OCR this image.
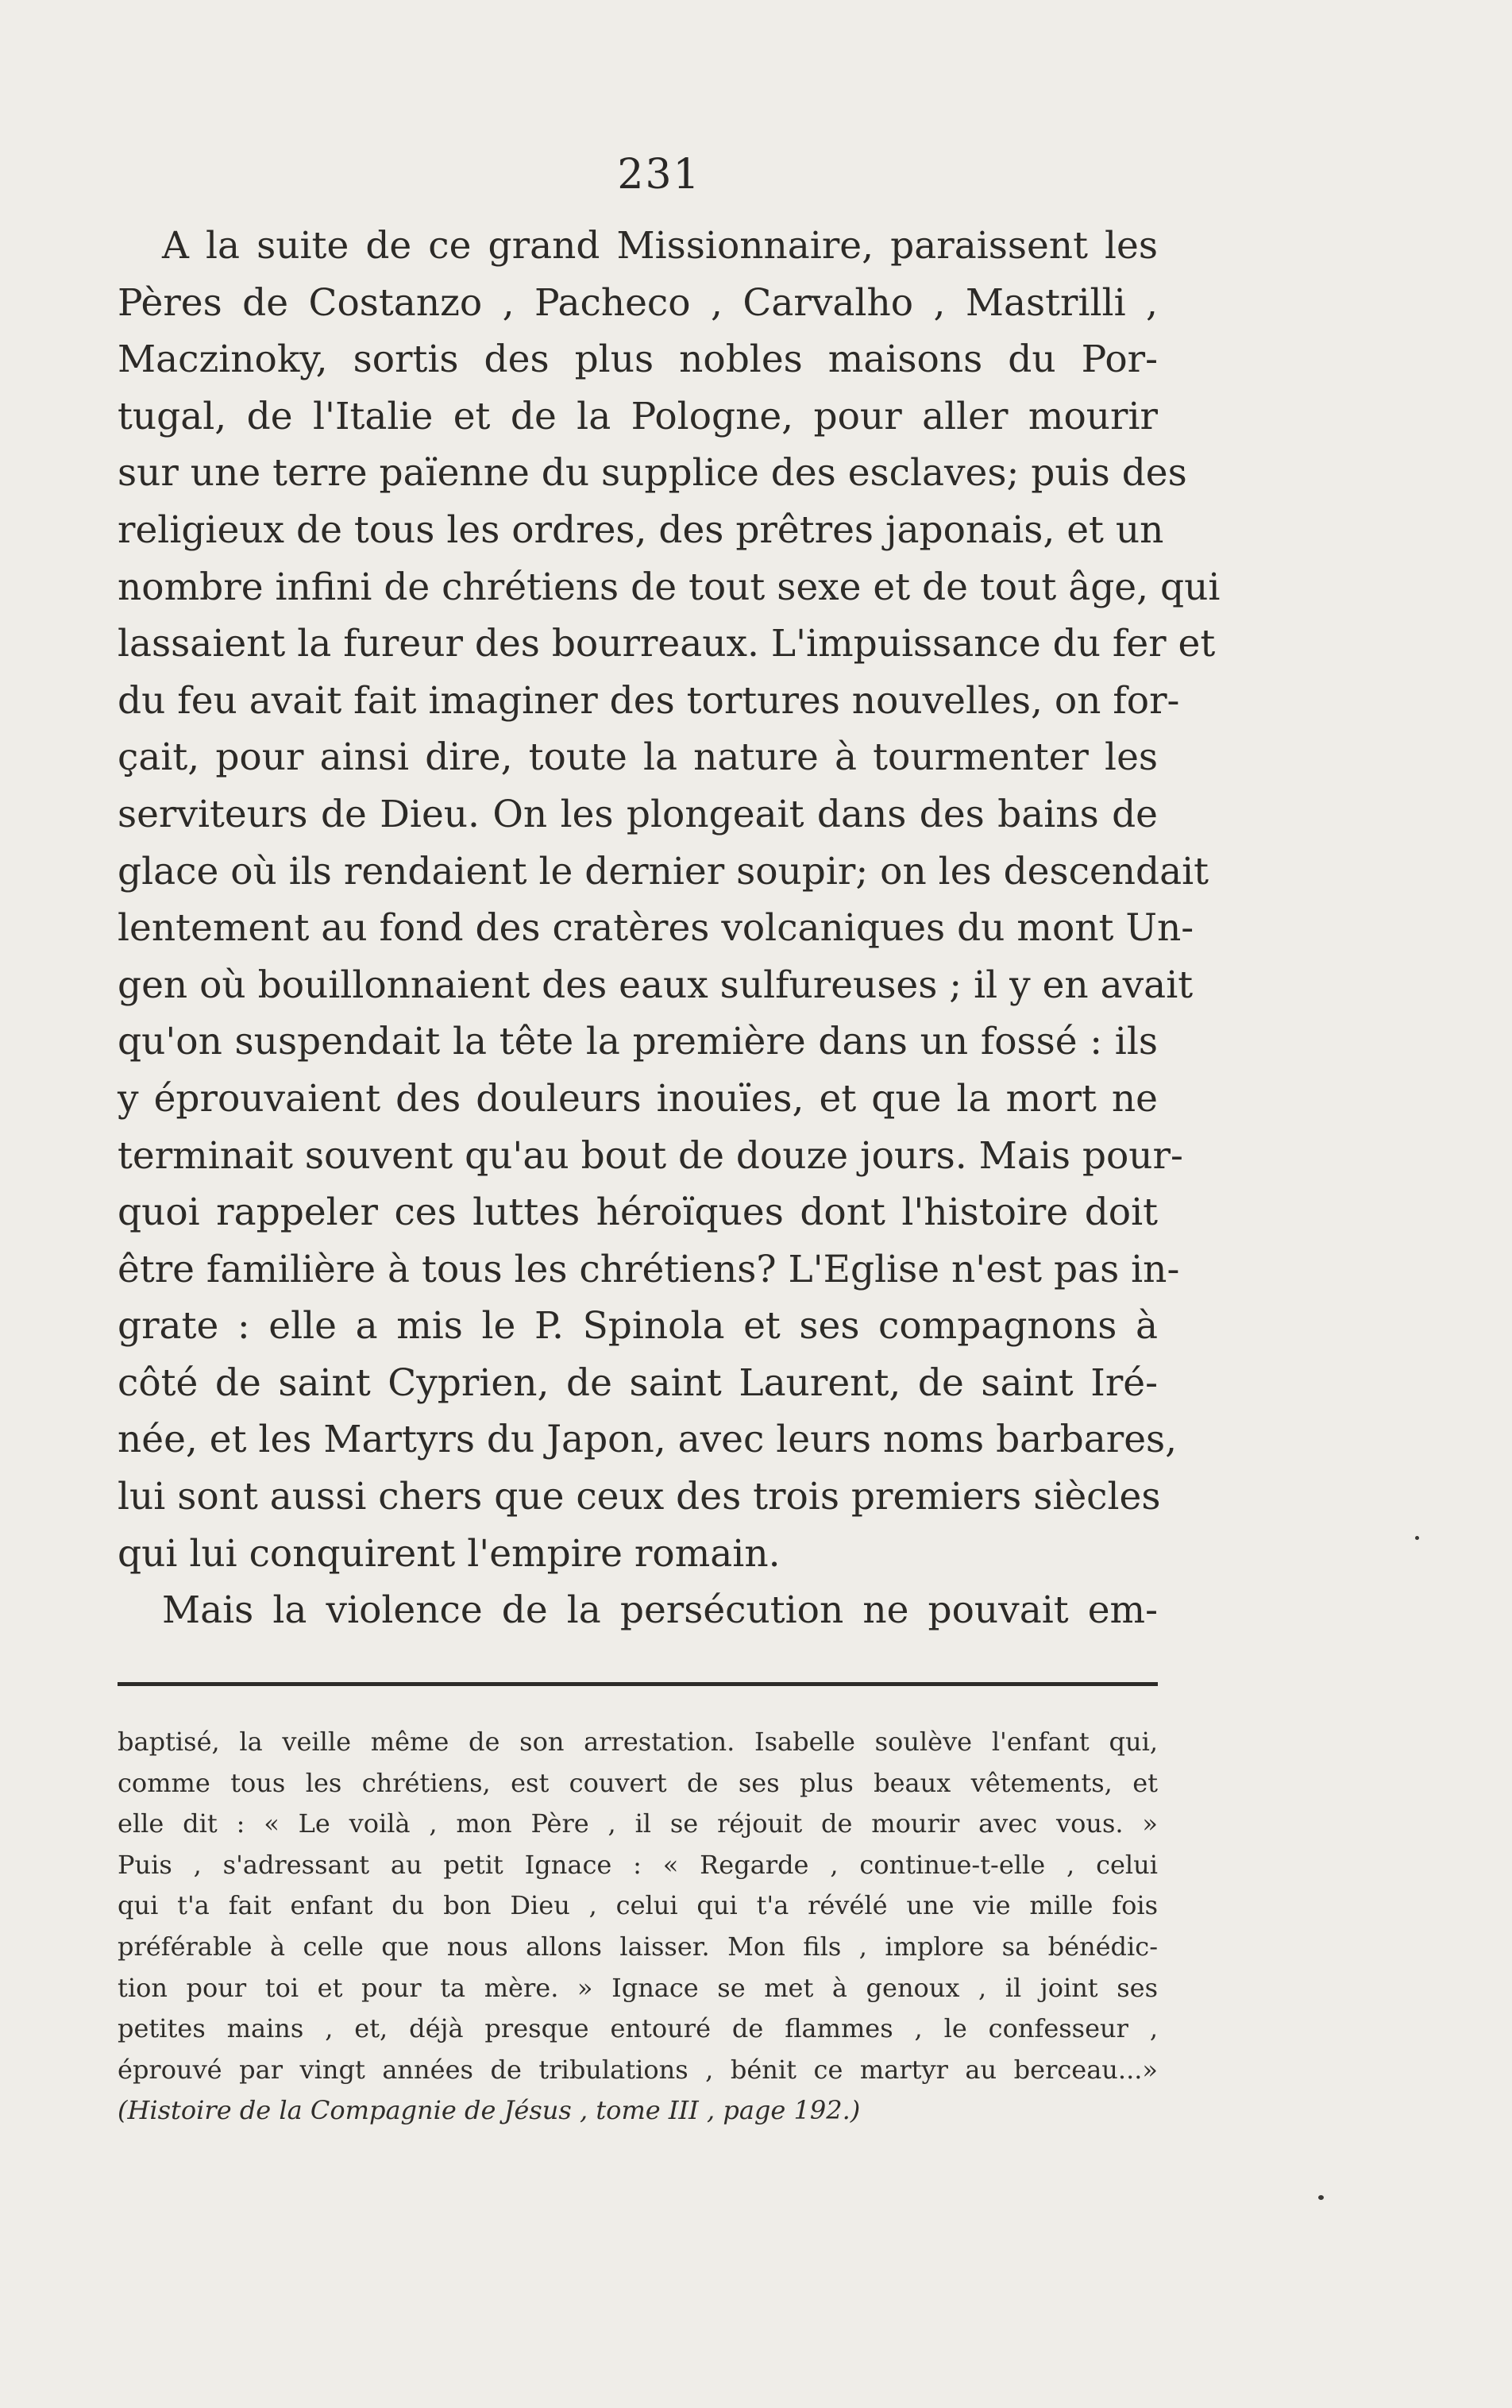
231
A la suite de ce grand Missionnaire, paraissent les
Pères de Costanzo , Pacheco , Carvalho , Mastrilli ,
Maczinoky, sortis des plus nobles maisons du Por-
tugal, de l'Italie et de la Pologne, pour aller mourir
sur une terre païenne du supplice des esclaves; puis des
religieux de tous les ordres, des prêtres japonais, et un
nombre infini de chrétiens de tout sexe et de tout âge, qui
lassaient la fureur des bourreaux. L'impuissance du fer et
du feu avait fait imaginer des tortures nouvelles, on for-
çait, pour ainsi dire, toute la nature à tourmenter les
serviteurs de Dieu. On les plongeait dans des bains de
glace où ils rendaient le dernier soupir; on les descendait
lentement au fond des cratères volcaniques du mont Un-
gen où bouillonnaient des eaux sulfureuses ; il y en avait
qu'on suspendait la tête la première dans un fossé : ils
y éprouvaient des douleurs inouïes, et que la mort ne
terminait souvent qu'au bout de douze jours. Mais pour-
quoi rappeler ces luttes héroïques dont l'histoire doit
être familière à tous les chrétiens? L'Eglise n'est pas in-
grate : elle a mis le P. Spinola et ses compagnons à
côté de saint Cyprien, de saint Laurent, de saint Iré-
née, et les Martyrs du Japon, avec leurs noms barbares,
lui sont aussi chers que ceux des trois premiers siècles
qui lui conquirent l'empire romain.
Mais la violence de la persécution ne pouvait em-
baptisé, la veille même de son arrestation. Isabelle soulève l'enfant qui,
comme tous les chrétiens, est couvert de ses plus beaux vêtements, et
elle dit : « Le voilà , mon Père , il se réjouit de mourir avec vous. »
Puis , s'adressant au petit Ignace : « Regarde , continue-t-elle , celui
qui t'a fait enfant du bon Dieu , celui qui t'a révélé une vie mille fois
préférable à celle que nous allons laisser. Mon fils , implore sa bénédic-
tion pour toi et pour ta mère. » Ignace se met à genoux , il joint ses
petites mains , et, déjà presque entouré de flammes , le confesseur ,
éprouvé par vingt années de tribulations , bénit ce martyr au berceau...»
(Histoire de la Compagnie de Jésus , tome III , page 192.)
